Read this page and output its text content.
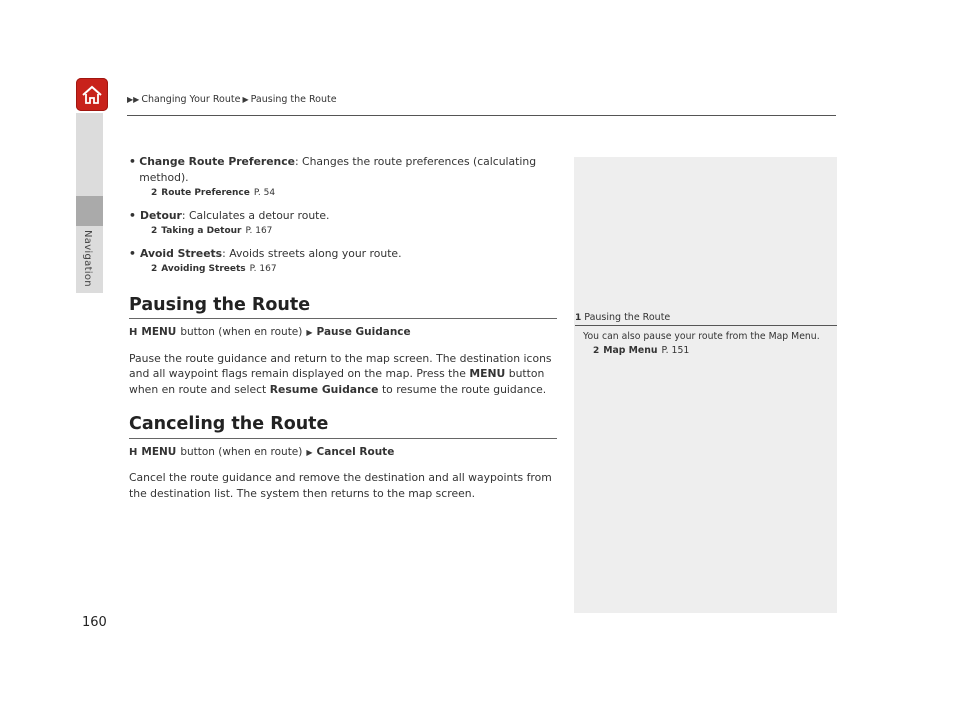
Navigation
▶▶ Changing Your Route ▶ Pausing the Route
• Change Route Preference: Changes the route preferences (calculating method).
2 Route Preference P. 54
• Detour: Calculates a detour route.
2 Taking a Detour P. 167
• Avoid Streets: Avoids streets along your route.
2 Avoiding Streets P. 167
Pausing the Route
H MENU button (when en route) ▶ Pause Guidance
Pause the route guidance and return to the map screen. The destination icons and all waypoint flags remain displayed on the map. Press the MENU button when en route and select Resume Guidance to resume the route guidance.
Canceling the Route
H MENU button (when en route) ▶ Cancel Route
Cancel the route guidance and remove the destination and all waypoints from the destination list. The system then returns to the map screen.
1 Pausing the Route
You can also pause your route from the Map Menu.
2 Map Menu P. 151
160
